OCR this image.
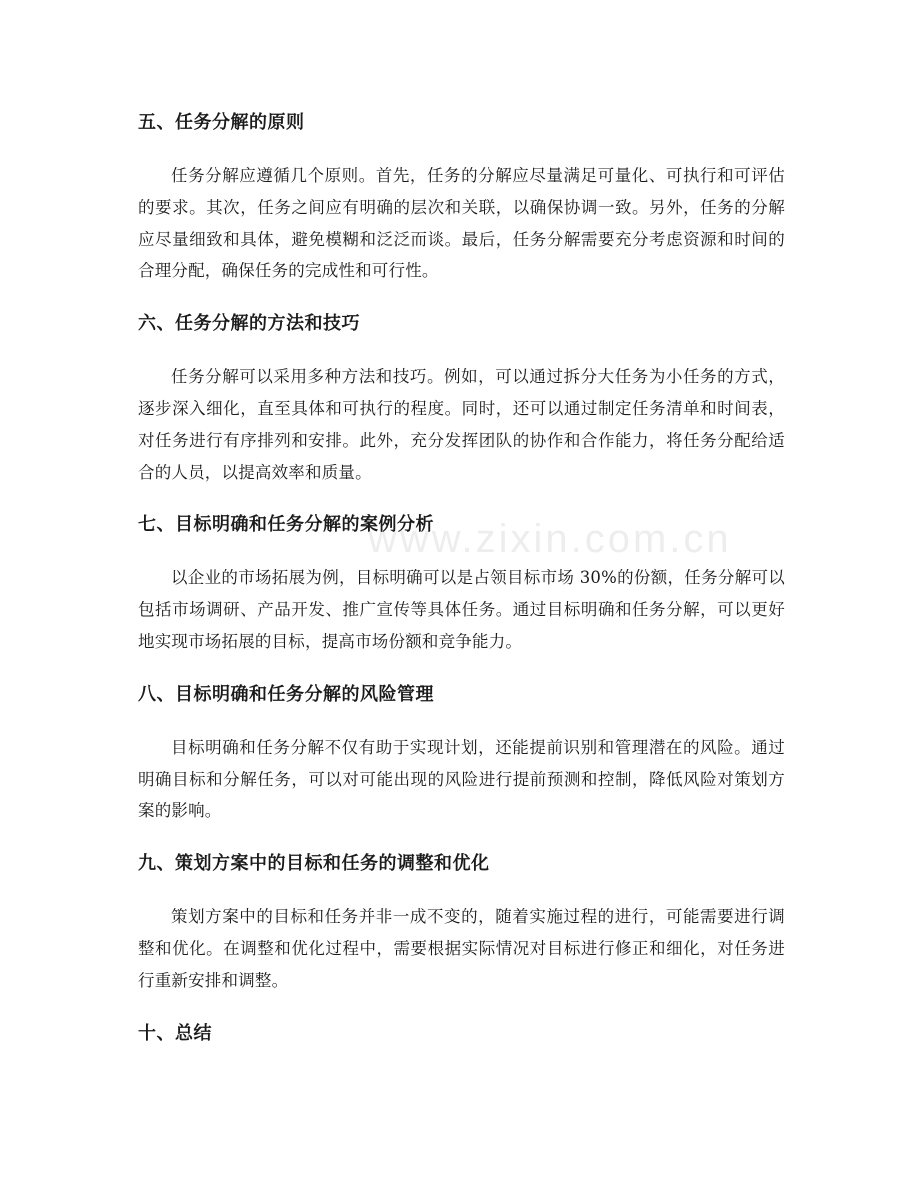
www.zixin.com.cn
五、任务分解的原则

任务分解应遵循几个原则。首先，任务的分解应尽量满足可量化、可执行和可评估的要求。其次，任务之间应有明确的层次和关联，以确保协调一致。另外，任务的分解应尽量细致和具体，避免模糊和泛泛而谈。最后，任务分解需要充分考虑资源和时间的合理分配，确保任务的完成性和可行性。

六、任务分解的方法和技巧

任务分解可以采用多种方法和技巧。例如，可以通过拆分大任务为小任务的方式，逐步深入细化，直至具体和可执行的程度。同时，还可以通过制定任务清单和时间表，对任务进行有序排列和安排。此外，充分发挥团队的协作和合作能力，将任务分配给适合的人员，以提高效率和质量。

七、目标明确和任务分解的案例分析

以企业的市场拓展为例，目标明确可以是占领目标市场 30%的份额，任务分解可以包括市场调研、产品开发、推广宣传等具体任务。通过目标明确和任务分解，可以更好地实现市场拓展的目标，提高市场份额和竞争能力。

八、目标明确和任务分解的风险管理

目标明确和任务分解不仅有助于实现计划，还能提前识别和管理潜在的风险。通过明确目标和分解任务，可以对可能出现的风险进行提前预测和控制，降低风险对策划方案的影响。

九、策划方案中的目标和任务的调整和优化

策划方案中的目标和任务并非一成不变的，随着实施过程的进行，可能需要进行调整和优化。在调整和优化过程中，需要根据实际情况对目标进行修正和细化，对任务进行重新安排和调整。

十、总结
